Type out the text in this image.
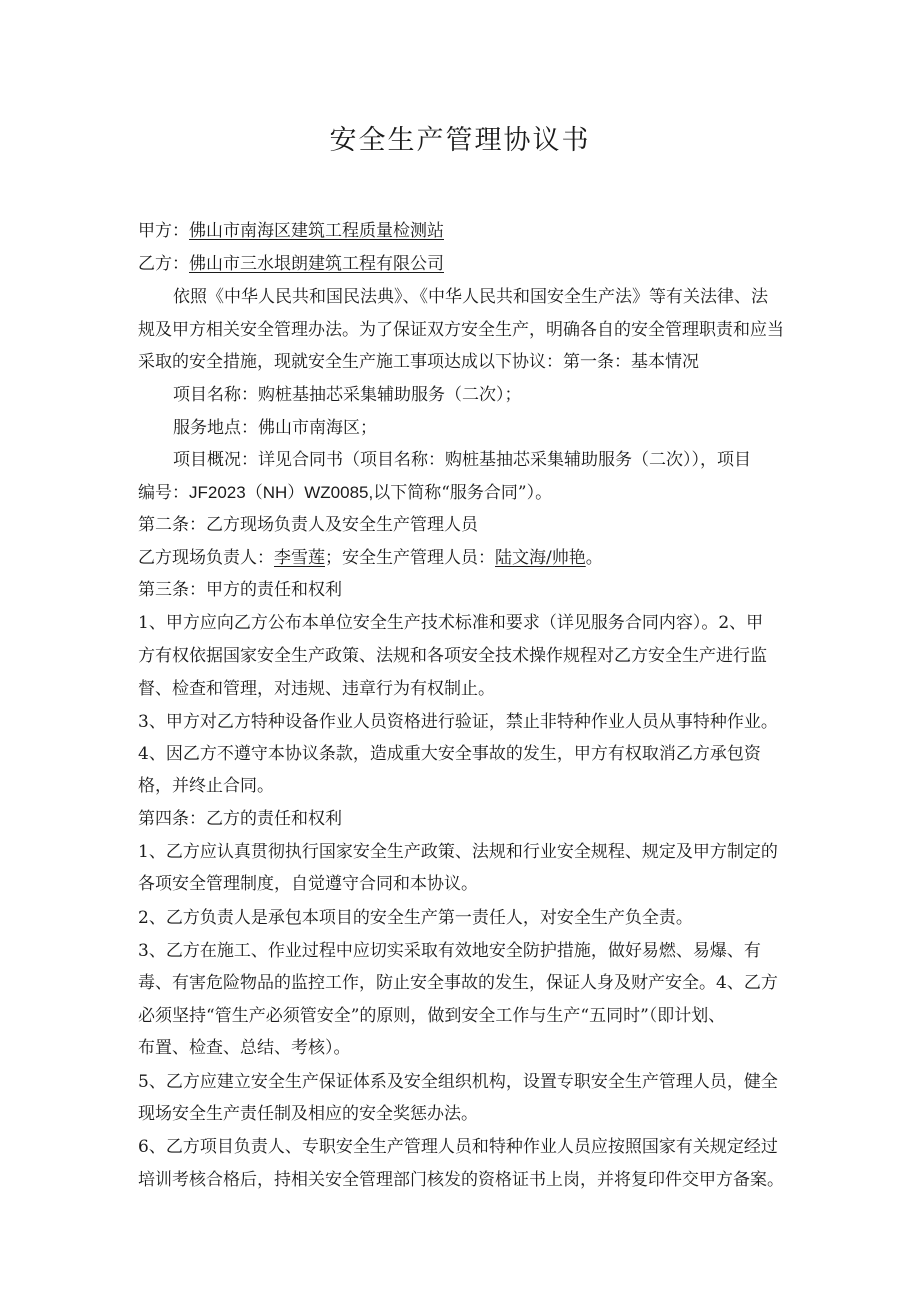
安全生产管理协议书
甲方：佛山市南海区建筑工程质量检测站
乙方：佛山市三水垠朗建筑工程有限公司
依照《中华人民共和国民法典》、《中华人民共和国安全生产法》等有关法律、法
规及甲方相关安全管理办法。为了保证双方安全生产，明确各自的安全管理职责和应当
采取的安全措施，现就安全生产施工事项达成以下协议：第一条：基本情况
项目名称：购桩基抽芯采集辅助服务（二次）；
服务地点：佛山市南海区；
项目概况：详见合同书（项目名称：购桩基抽芯采集辅助服务（二次）），项目
编号：JF2023（NH）WZ0085,以下简称“服务合同”）。
第二条：乙方现场负责人及安全生产管理人员
乙方现场负责人：李雪莲；安全生产管理人员：陆文海/帅艳。
第三条：甲方的责任和权利
1、甲方应向乙方公布本单位安全生产技术标准和要求（详见服务合同内容）。2、甲
方有权依据国家安全生产政策、法规和各项安全技术操作规程对乙方安全生产进行监
督、检查和管理，对违规、违章行为有权制止。
3、甲方对乙方特种设备作业人员资格进行验证，禁止非特种作业人员从事特种作业。
4、因乙方不遵守本协议条款，造成重大安全事故的发生，甲方有权取消乙方承包资
格，并终止合同。
第四条：乙方的责任和权利
1、乙方应认真贯彻执行国家安全生产政策、法规和行业安全规程、规定及甲方制定的
各项安全管理制度，自觉遵守合同和本协议。
2、乙方负责人是承包本项目的安全生产第一责任人，对安全生产负全责。
3、乙方在施工、作业过程中应切实采取有效地安全防护措施，做好易燃、易爆、有
毒、有害危险物品的监控工作，防止安全事故的发生，保证人身及财产安全。4、乙方
必须坚持“管生产必须管安全”的原则，做到安全工作与生产“五同时”（即计划、
布置、检查、总结、考核）。
5、乙方应建立安全生产保证体系及安全组织机构，设置专职安全生产管理人员，健全
现场安全生产责任制及相应的安全奖惩办法。
6、乙方项目负责人、专职安全生产管理人员和特种作业人员应按照国家有关规定经过
培训考核合格后，持相关安全管理部门核发的资格证书上岗，并将复印件交甲方备案。
